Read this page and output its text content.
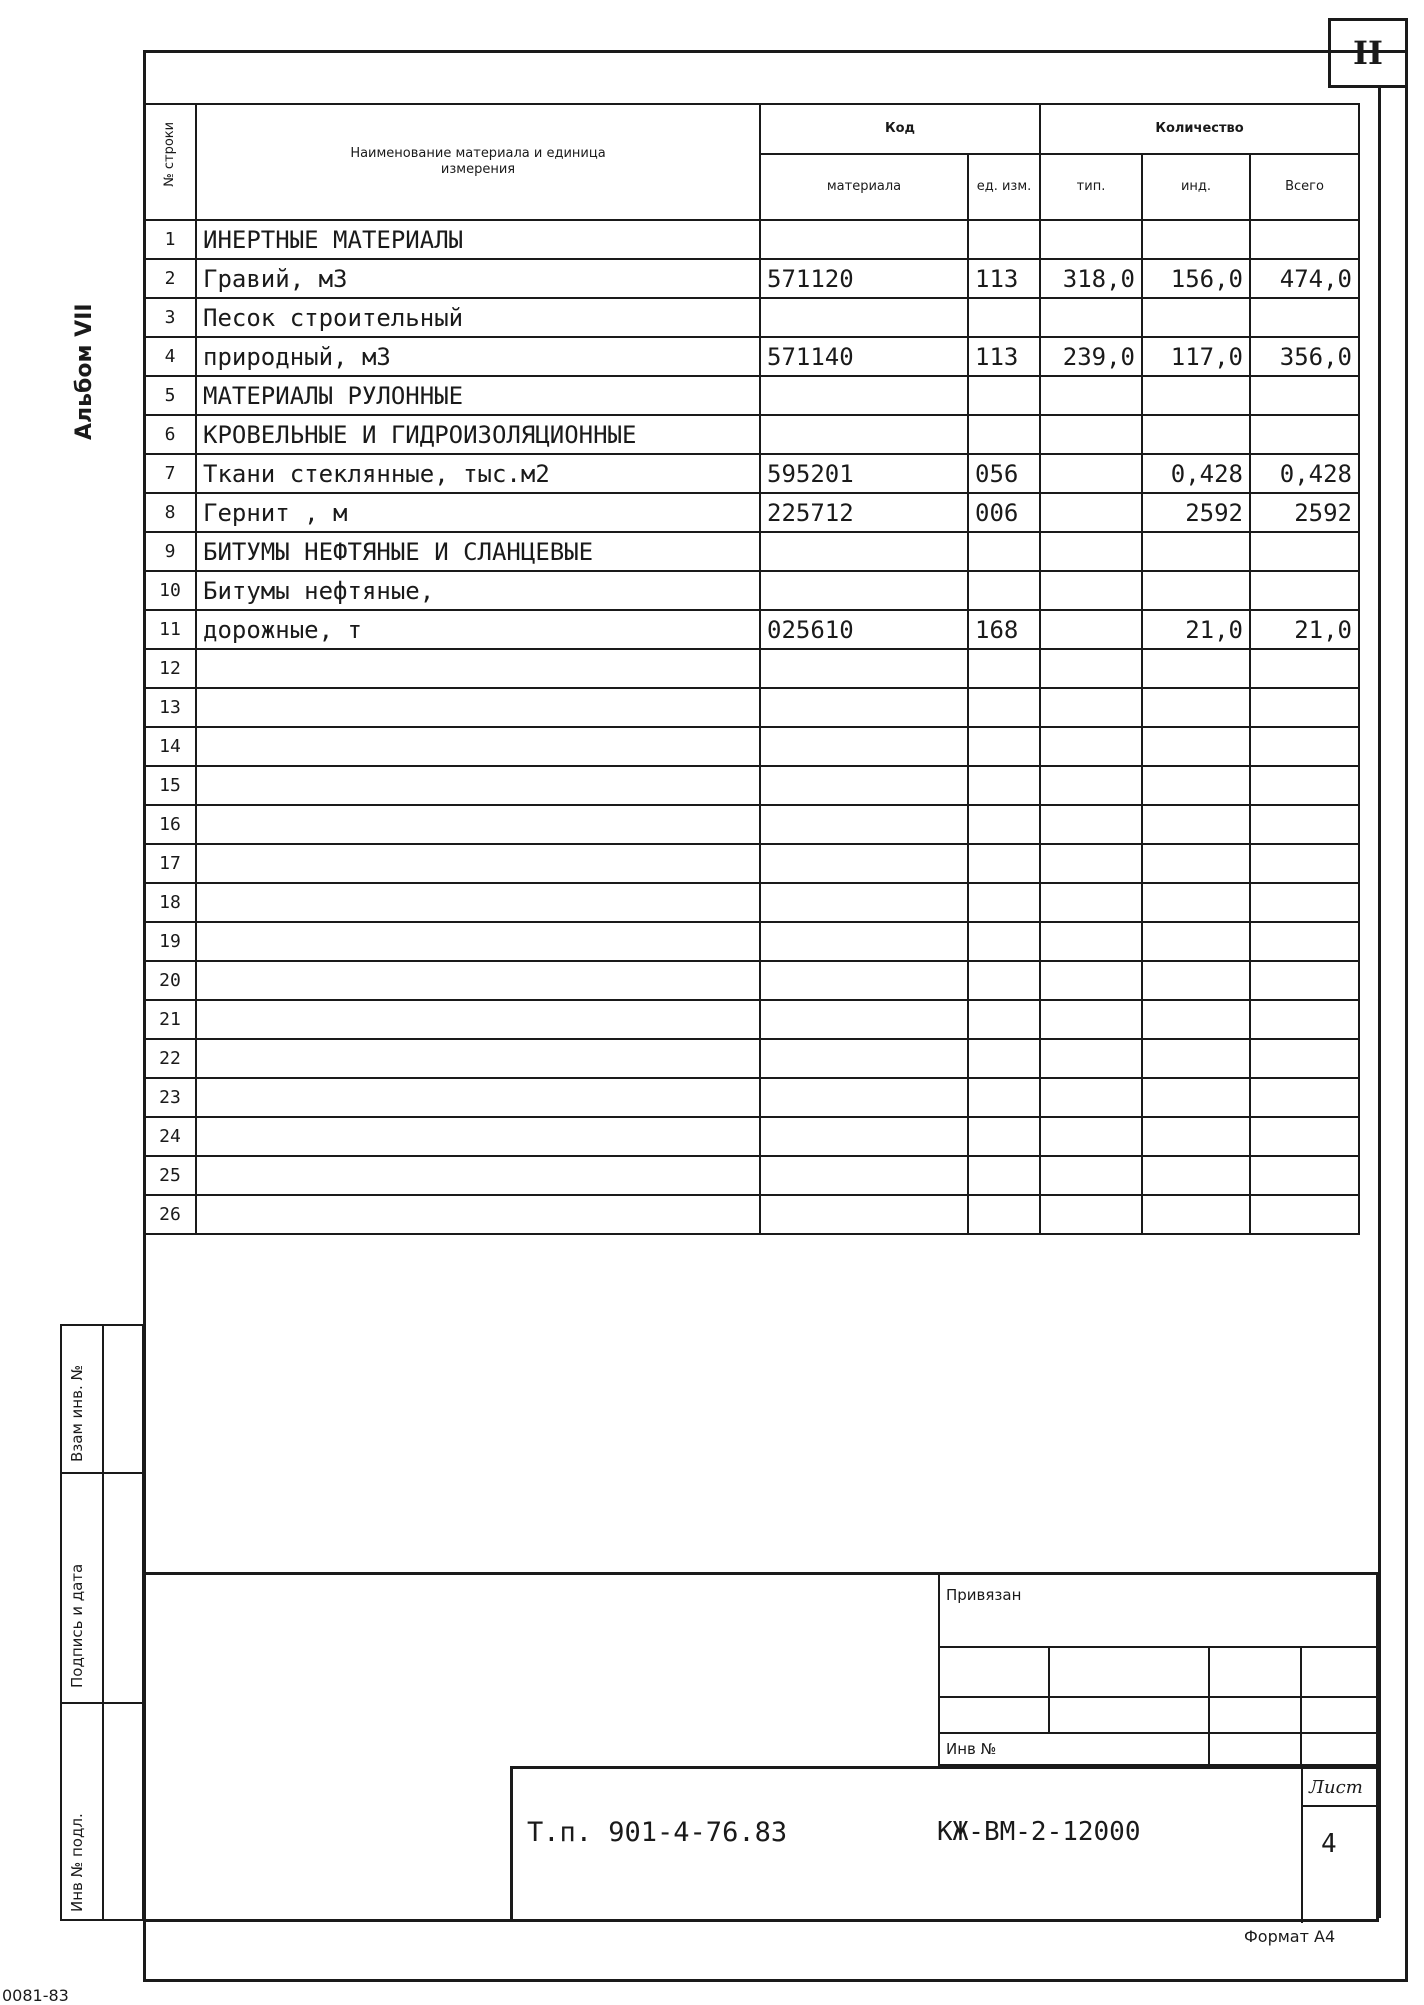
II
Альбом VII
№ строки	Наименование материала и единица измерения	Код		Количество		
		материала	ед. изм.	тип.	инд.	Всего
1	ИНЕРТНЫЕ МАТЕРИАЛЫ					
2	Гравий, м3	571120	113	318,0	156,0	474,0
3	Песок строительный					
4	природный, м3	571140	113	239,0	117,0	356,0
5	МАТЕРИАЛЫ РУЛОННЫЕ					
6	КРОВЕЛЬНЫЕ И ГИДРОИЗОЛЯЦИОННЫЕ					
7	Ткани стеклянные, тыс.м2	595201	056		0,428	0,428
8	Гернит , м	225712	006		2592	2592
9	БИТУМЫ НЕФТЯНЫЕ И СЛАНЦЕВЫЕ					
10	Битумы нефтяные,					
11	дорожные, т	025610	168		21,0	21,0
12						
13						
14						
15						
16						
17						
18						
19						
20						
21						
22						
23						
24						
25						
26						
Взам инв. №
Подпись и дата
Инв № подл.
Привязан
Инв №
Т.п. 901-4-76.83	КЖ-ВМ-2-12000
Лист
4
Формат А4
0081-83
